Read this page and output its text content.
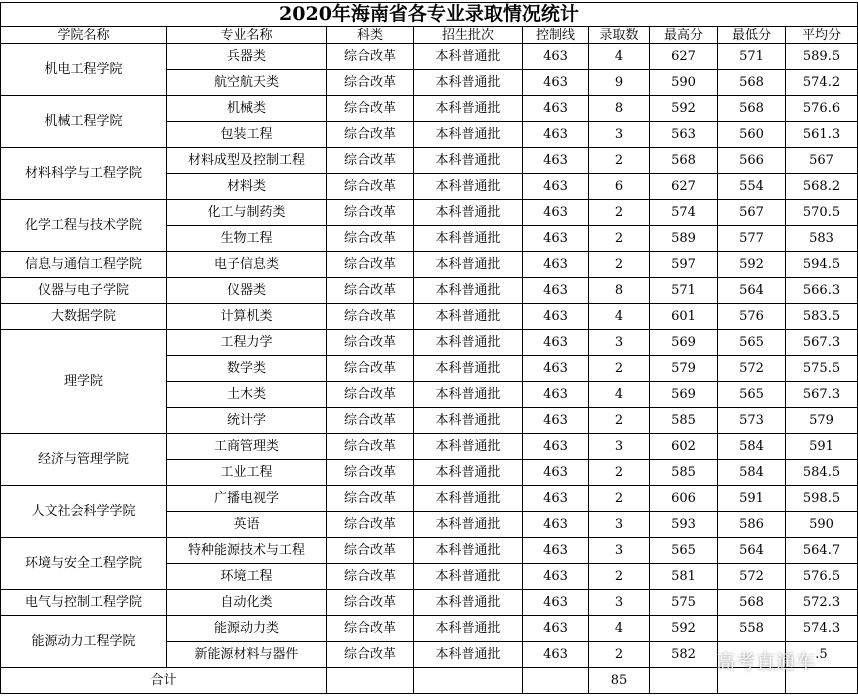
2020年海南省各专业录取情况统计								
学院名称	专业名称	科类	招生批次	控制线	录取数	最高分	最低分	平均分
机电工程学院	兵器类	综合改革	本科普通批	463	4	627	571	589.5
	航空航天类	综合改革	本科普通批	463	9	590	568	574.2
机械工程学院	机械类	综合改革	本科普通批	463	8	592	568	576.6
	包装工程	综合改革	本科普通批	463	3	563	560	561.3
材料科学与工程学院	材料成型及控制工程	综合改革	本科普通批	463	2	568	566	567
	材料类	综合改革	本科普通批	463	6	627	554	568.2
化学工程与技术学院	化工与制药类	综合改革	本科普通批	463	2	574	567	570.5
	生物工程	综合改革	本科普通批	463	2	589	577	583
信息与通信工程学院	电子信息类	综合改革	本科普通批	463	2	597	592	594.5
仪器与电子学院	仪器类	综合改革	本科普通批	463	8	571	564	566.3
大数据学院	计算机类	综合改革	本科普通批	463	4	601	576	583.5
理学院	工程力学	综合改革	本科普通批	463	3	569	565	567.3
	数学类	综合改革	本科普通批	463	2	579	572	575.5
	土木类	综合改革	本科普通批	463	4	569	565	567.3
	统计学	综合改革	本科普通批	463	2	585	573	579
经济与管理学院	工商管理类	综合改革	本科普通批	463	3	602	584	591
	工业工程	综合改革	本科普通批	463	2	585	584	584.5
人文社会科学学院	广播电视学	综合改革	本科普通批	463	2	606	591	598.5
	英语	综合改革	本科普通批	463	3	593	586	590
环境与安全工程学院	特种能源技术与工程	综合改革	本科普通批	463	3	565	564	564.7
	环境工程	综合改革	本科普通批	463	2	581	572	576.5
电气与控制工程学院	自动化类	综合改革	本科普通批	463	3	575	568	572.3
能源动力工程学院	能源动力类	综合改革	本科普通批	463	4	592	558	574.3
	新能源材料与器件	综合改革	本科普通批	463	2	582		.5
合计					85			
高考直通车
